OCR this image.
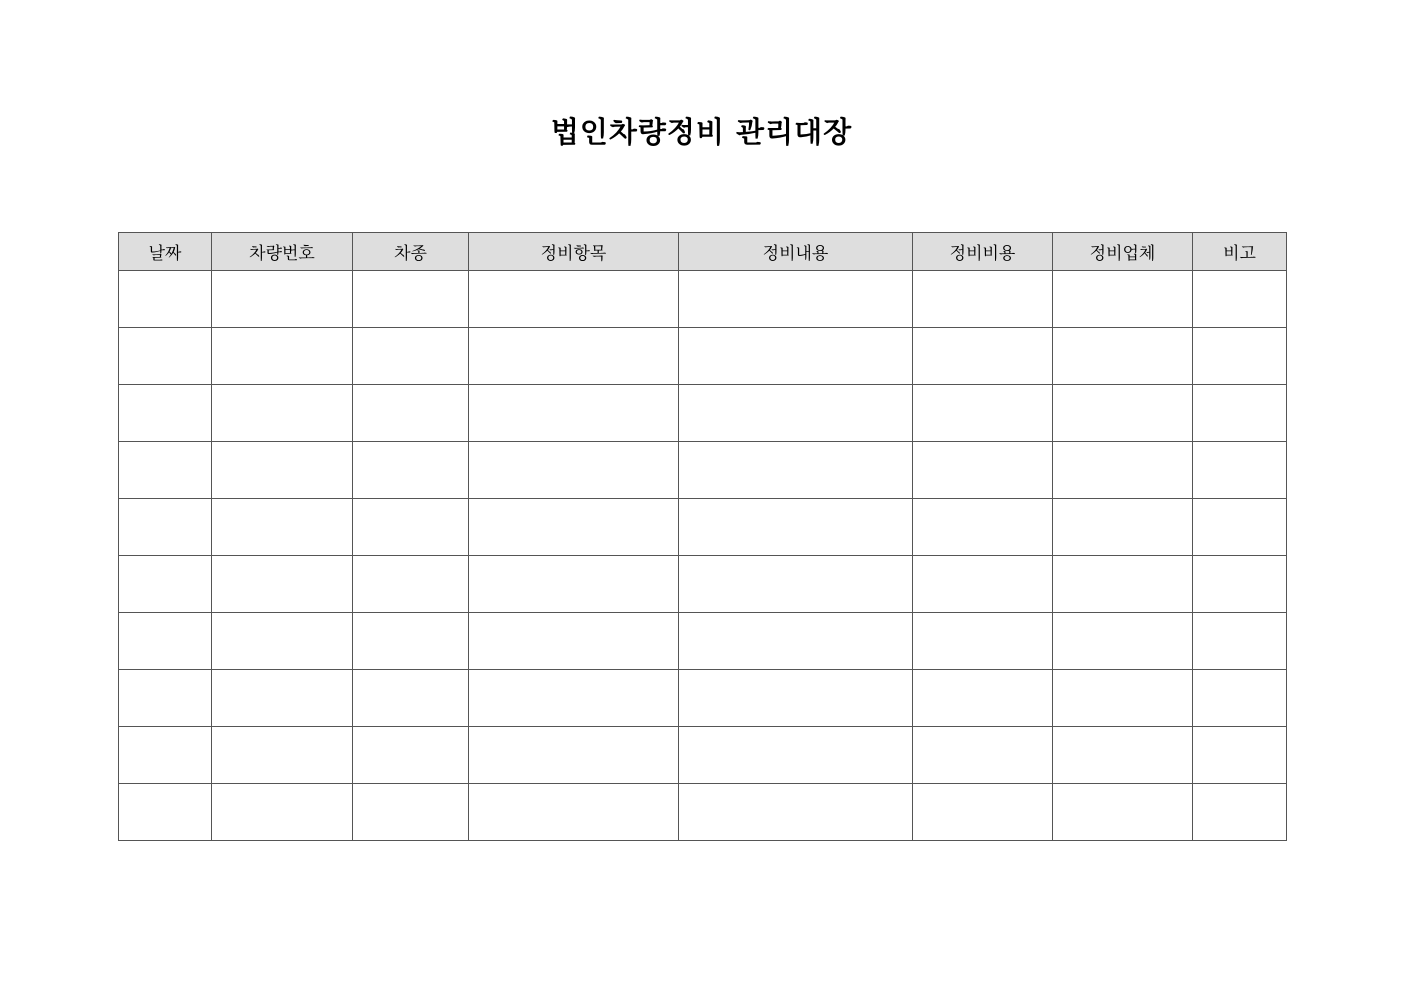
법인차량정비 관리대장
날짜	차량번호	차종	정비항목	정비내용	정비비용	정비업체	비고
